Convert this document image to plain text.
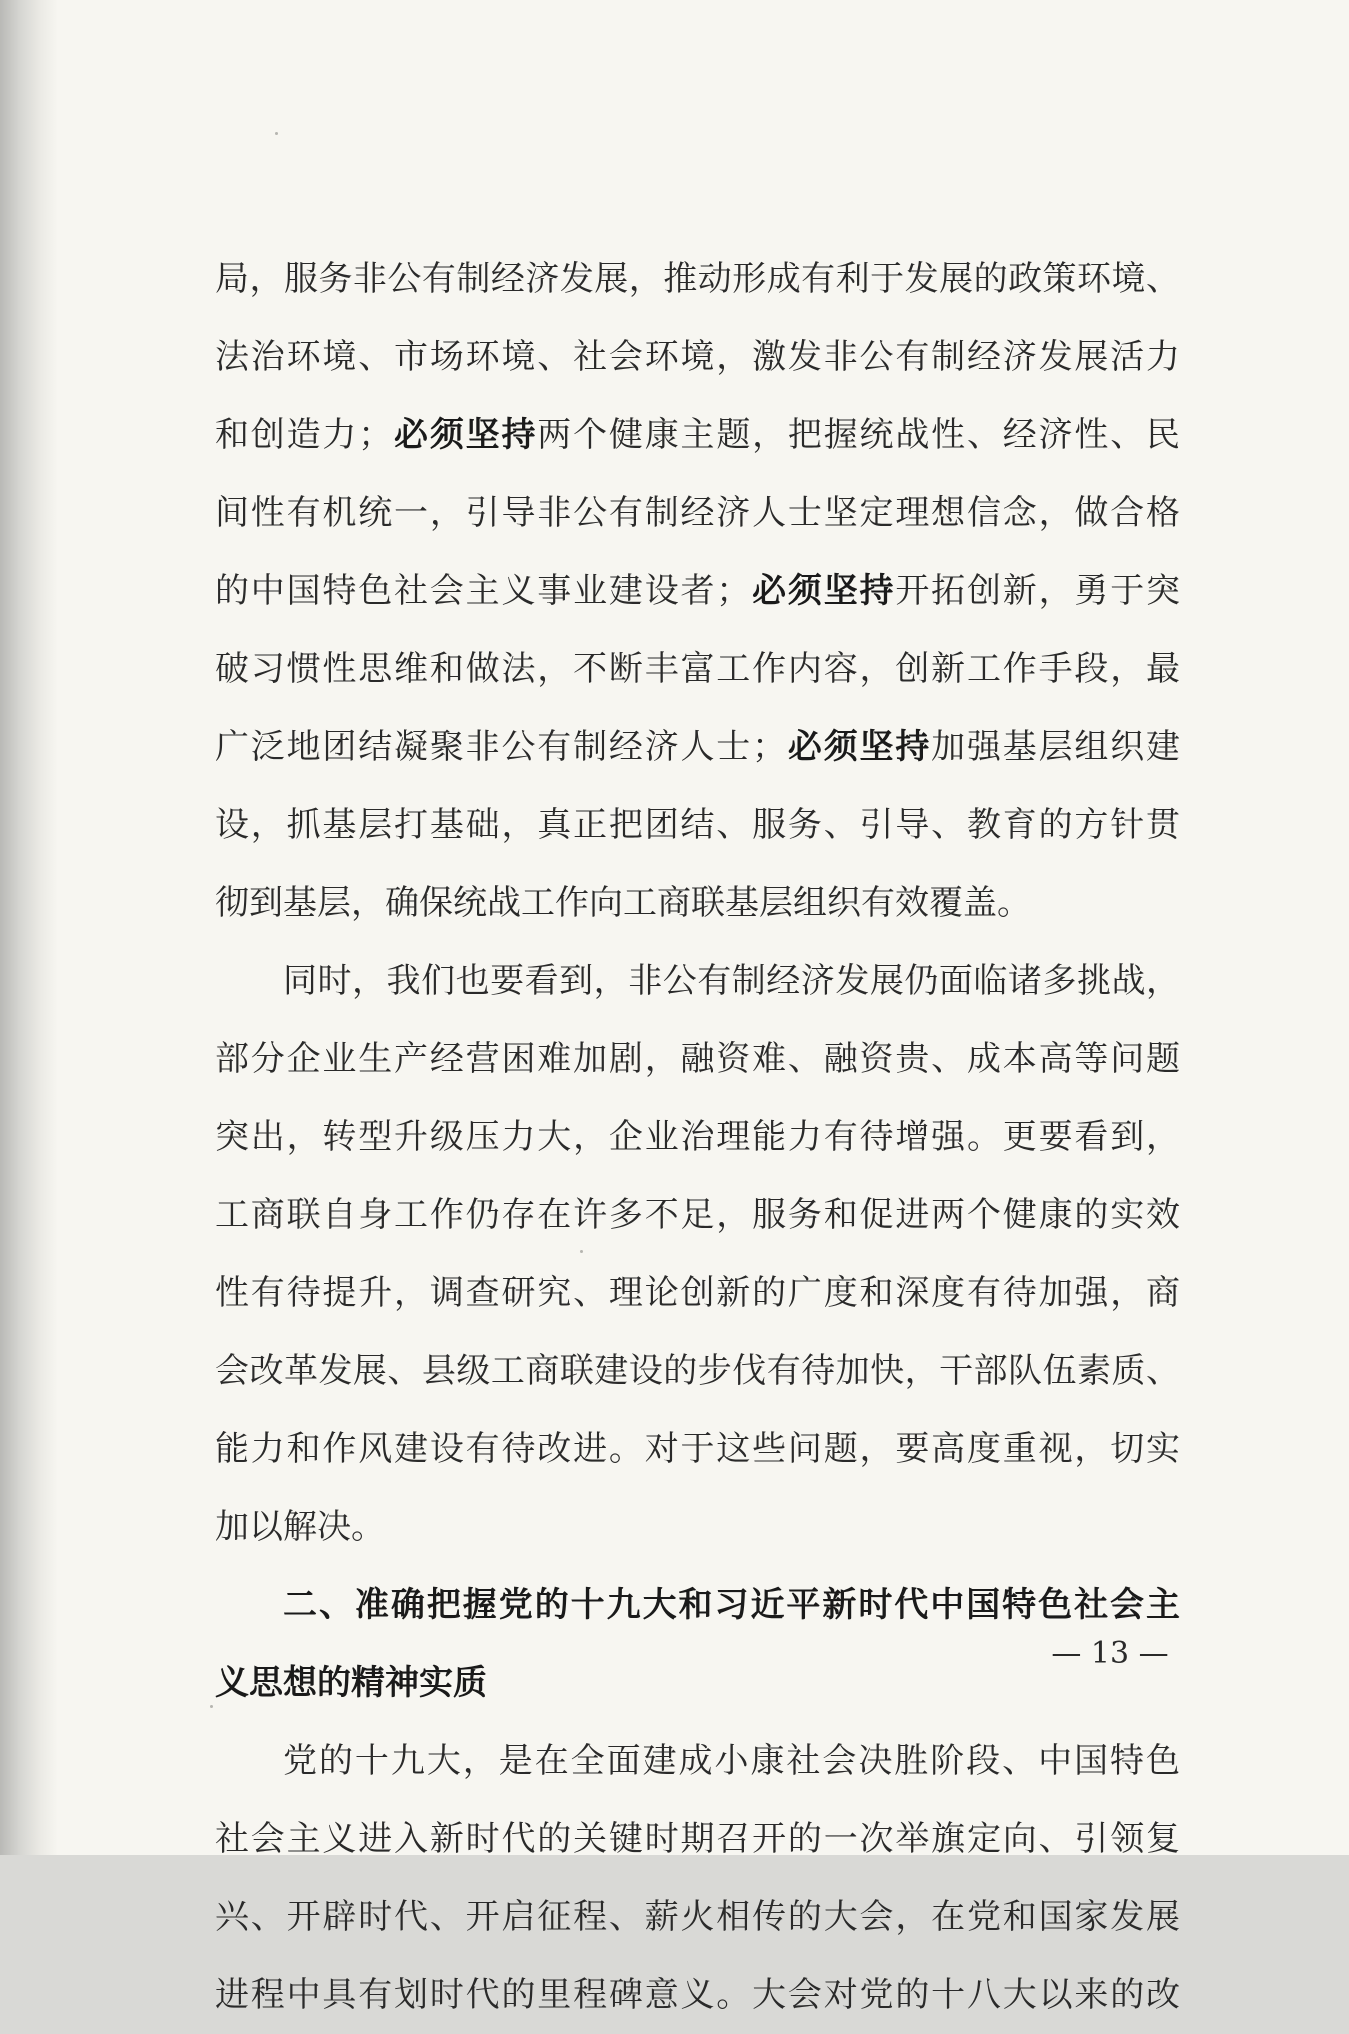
局，服务非公有制经济发展，推动形成有利于发展的政策环境、
法治环境、市场环境、社会环境，激发非公有制经济发展活力
和创造力；必须坚持两个健康主题，把握统战性、经济性、民
间性有机统一，引导非公有制经济人士坚定理想信念，做合格
的中国特色社会主义事业建设者；必须坚持开拓创新，勇于突
破习惯性思维和做法，不断丰富工作内容，创新工作手段，最
广泛地团结凝聚非公有制经济人士；必须坚持加强基层组织建
设，抓基层打基础，真正把团结、服务、引导、教育的方针贯
彻到基层，确保统战工作向工商联基层组织有效覆盖。
同时，我们也要看到，非公有制经济发展仍面临诸多挑战，
部分企业生产经营困难加剧，融资难、融资贵、成本高等问题
突出，转型升级压力大，企业治理能力有待增强。更要看到，
工商联自身工作仍存在许多不足，服务和促进两个健康的实效
性有待提升，调查研究、理论创新的广度和深度有待加强，商
会改革发展、县级工商联建设的步伐有待加快，干部队伍素质、
能力和作风建设有待改进。对于这些问题，要高度重视，切实
加以解决。
二、准确把握党的十九大和习近平新时代中国特色社会主
义思想的精神实质
党的十九大，是在全面建成小康社会决胜阶段、中国特色
社会主义进入新时代的关键时期召开的一次举旗定向、引领复
兴、开辟时代、开启征程、薪火相传的大会，在党和国家发展
进程中具有划时代的里程碑意义。大会对党的十八大以来的改
— 13 —
